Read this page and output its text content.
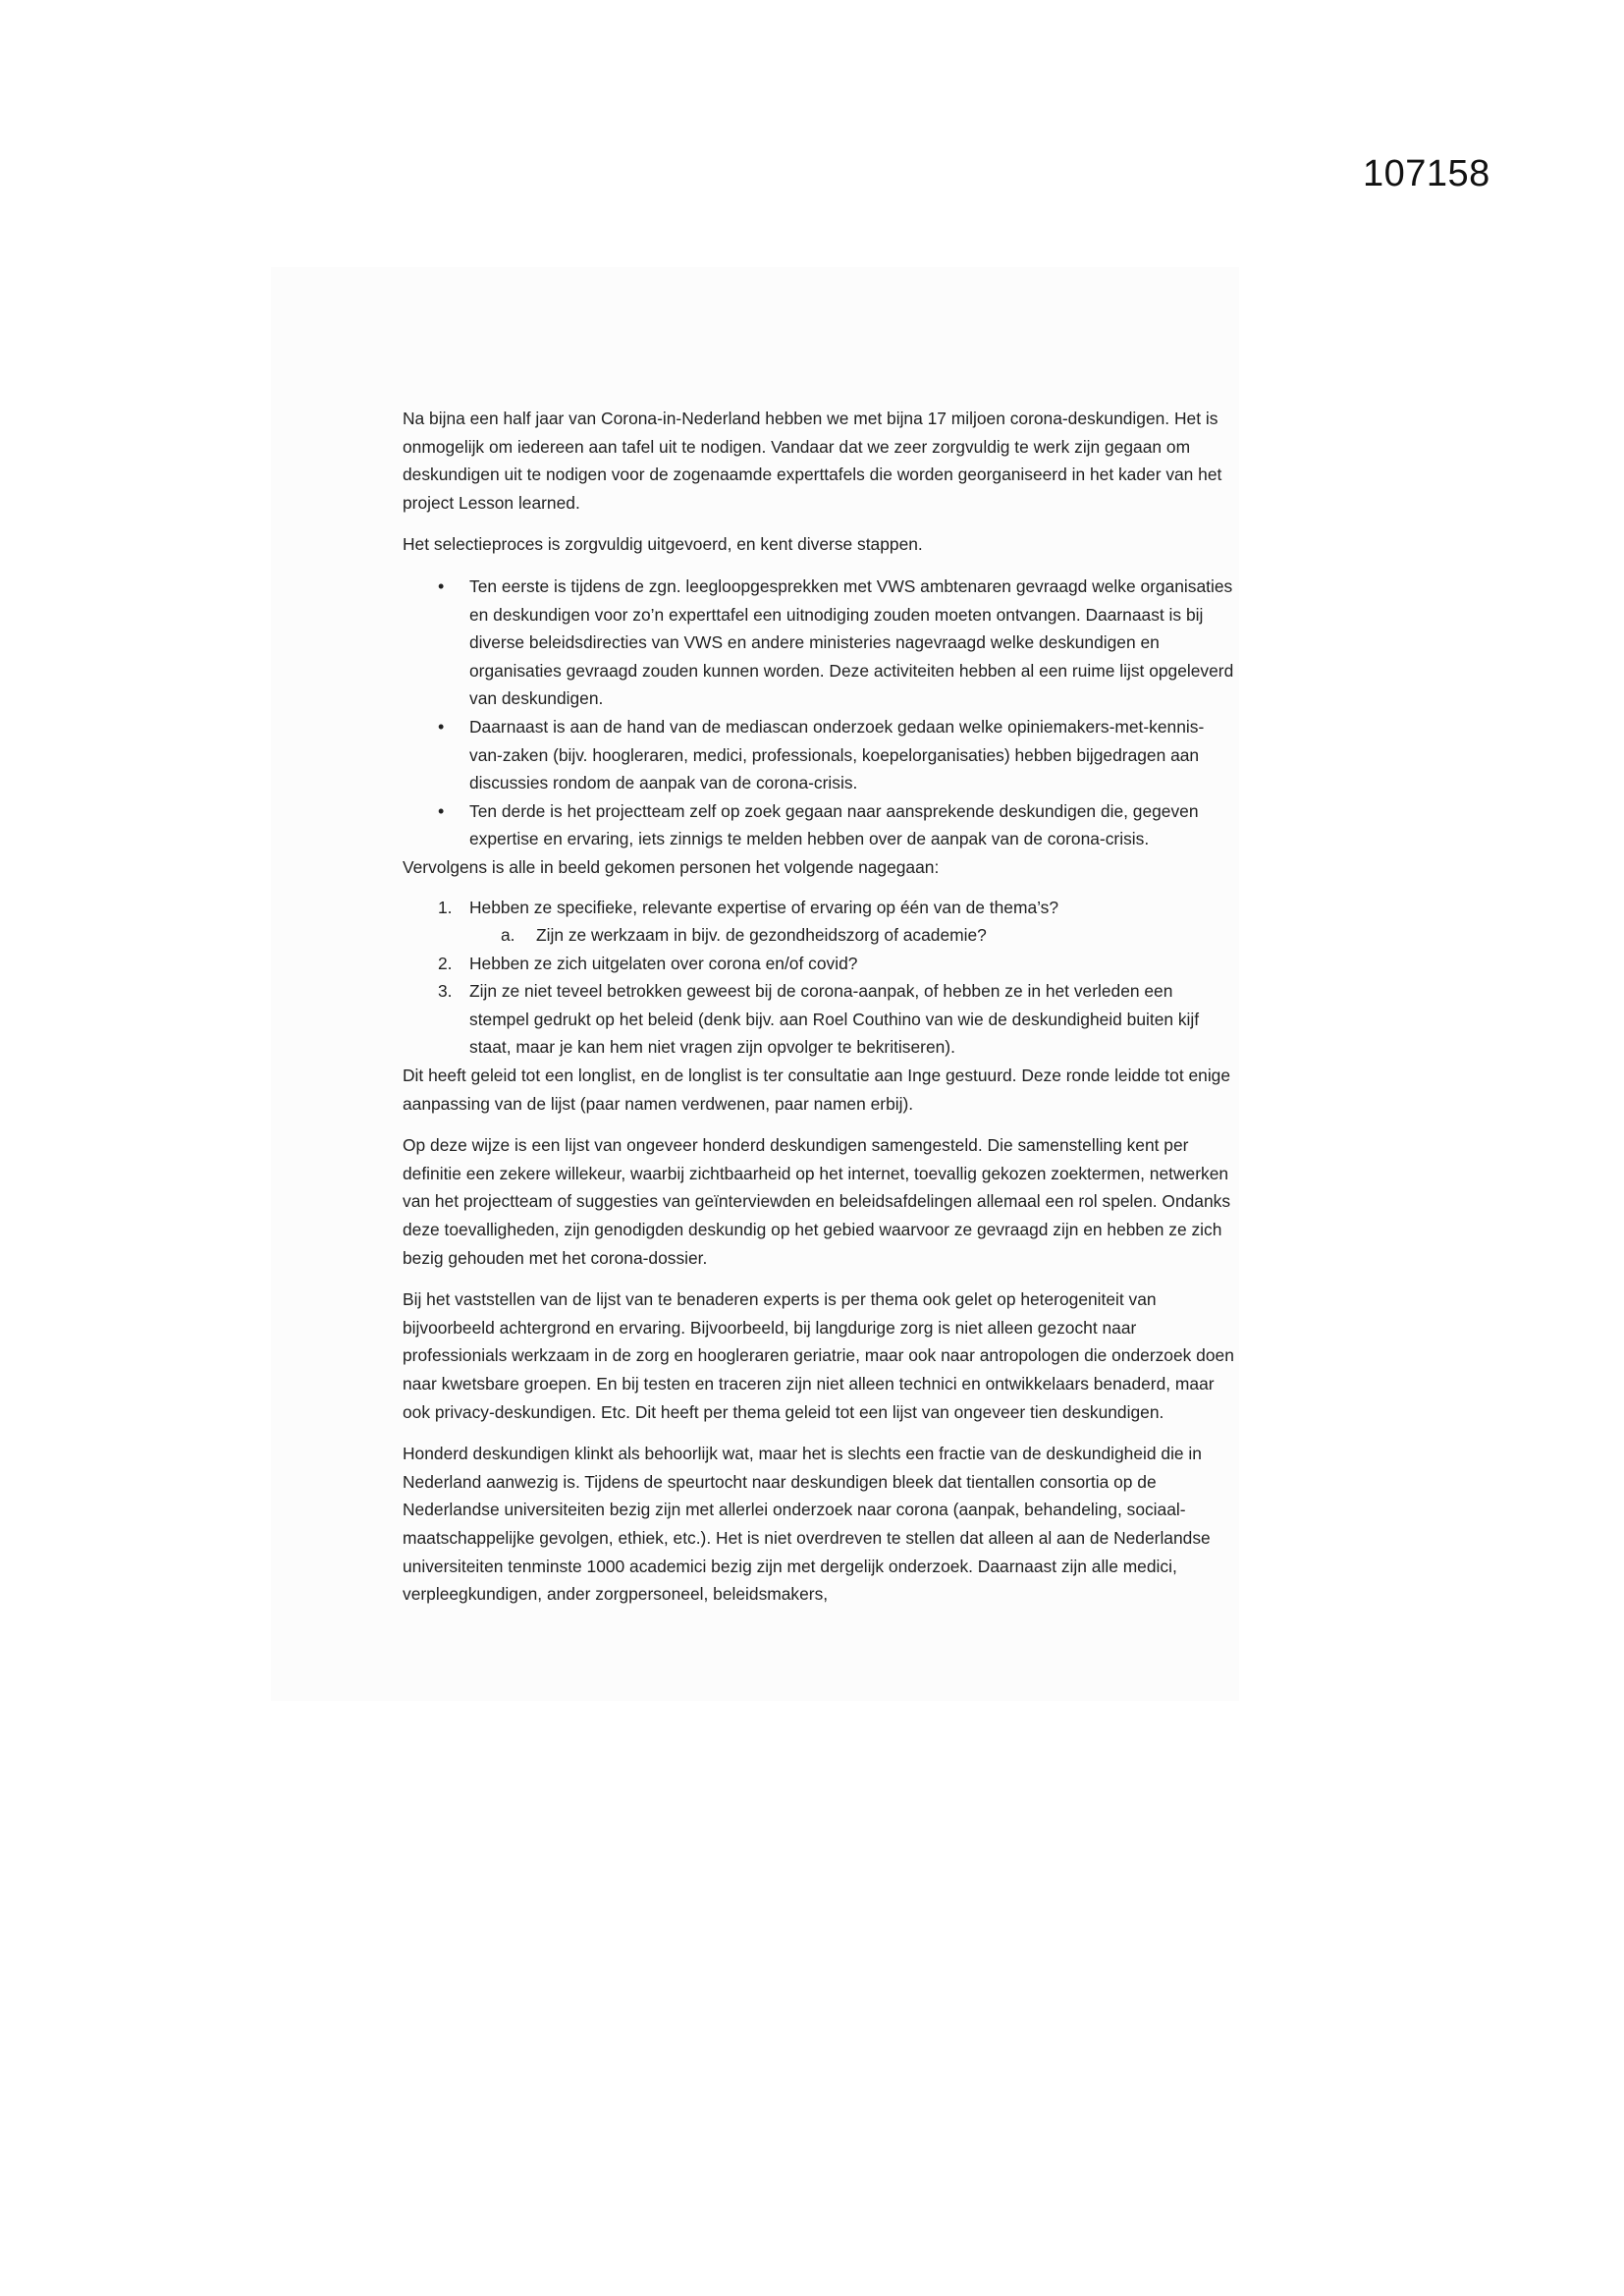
107158

Na bijna een half jaar van Corona-in-Nederland hebben we met bijna 17 miljoen corona-deskundigen. Het is onmogelijk om iedereen aan tafel uit te nodigen. Vandaar dat we zeer zorgvuldig te werk zijn gegaan om deskundigen uit te nodigen voor de zogenaamde experttafels die worden georganiseerd in het kader van het project Lesson learned.

Het selectieproces is zorgvuldig uitgevoerd, en kent diverse stappen.

• Ten eerste is tijdens de zgn. leegloopgesprekken met VWS ambtenaren gevraagd welke organisaties en deskundigen voor zo’n experttafel een uitnodiging zouden moeten ontvangen. Daarnaast is bij diverse beleidsdirecties van VWS en andere ministeries nagevraagd welke deskundigen en organisaties gevraagd zouden kunnen worden. Deze activiteiten hebben al een ruime lijst opgeleverd van deskundigen.
• Daarnaast is aan de hand van de mediascan onderzoek gedaan welke opiniemakers-met-kennis-van-zaken (bijv. hoogleraren, medici, professionals, koepelorganisaties) hebben bijgedragen aan discussies rondom de aanpak van de corona-crisis.
• Ten derde is het projectteam zelf op zoek gegaan naar aansprekende deskundigen die, gegeven expertise en ervaring, iets zinnigs te melden hebben over de aanpak van de corona-crisis.

Vervolgens is alle in beeld gekomen personen het volgende nagegaan:

1. Hebben ze specifieke, relevante expertise of ervaring op één van de thema’s?
a. Zijn ze werkzaam in bijv. de gezondheidszorg of academie?
2. Hebben ze zich uitgelaten over corona en/of covid?
3. Zijn ze niet teveel betrokken geweest bij de corona-aanpak, of hebben ze in het verleden een stempel gedrukt op het beleid (denk bijv. aan Roel Couthino van wie de deskundigheid buiten kijf staat, maar je kan hem niet vragen zijn opvolger te bekritiseren).

Dit heeft geleid tot een longlist, en de longlist is ter consultatie aan Inge gestuurd. Deze ronde leidde tot enige aanpassing van de lijst (paar namen verdwenen, paar namen erbij).

Op deze wijze is een lijst van ongeveer honderd deskundigen samengesteld. Die samenstelling kent per definitie een zekere willekeur, waarbij zichtbaarheid op het internet, toevallig gekozen zoektermen, netwerken van het projectteam of suggesties van geïnterviewden en beleidsafdelingen allemaal een rol spelen. Ondanks deze toevalligheden, zijn genodigden deskundig op het gebied waarvoor ze gevraagd zijn en hebben ze zich bezig gehouden met het corona-dossier.

Bij het vaststellen van de lijst van te benaderen experts is per thema ook gelet op heterogeniteit van bijvoorbeeld achtergrond en ervaring. Bijvoorbeeld, bij langdurige zorg is niet alleen gezocht naar professionials werkzaam in de zorg en hoogleraren geriatrie, maar ook naar antropologen die onderzoek doen naar kwetsbare groepen. En bij testen en traceren zijn niet alleen technici en ontwikkelaars benaderd, maar ook privacy-deskundigen. Etc. Dit heeft per thema geleid tot een lijst van ongeveer tien deskundigen.

Honderd deskundigen klinkt als behoorlijk wat, maar het is slechts een fractie van de deskundigheid die in Nederland aanwezig is. Tijdens de speurtocht naar deskundigen bleek dat tientallen consortia op de Nederlandse universiteiten bezig zijn met allerlei onderzoek naar corona (aanpak, behandeling, sociaal-maatschappelijke gevolgen, ethiek, etc.). Het is niet overdreven te stellen dat alleen al aan de Nederlandse universiteiten tenminste 1000 academici bezig zijn met dergelijk onderzoek. Daarnaast zijn alle medici, verpleegkundigen, ander zorgpersoneel, beleidsmakers,
